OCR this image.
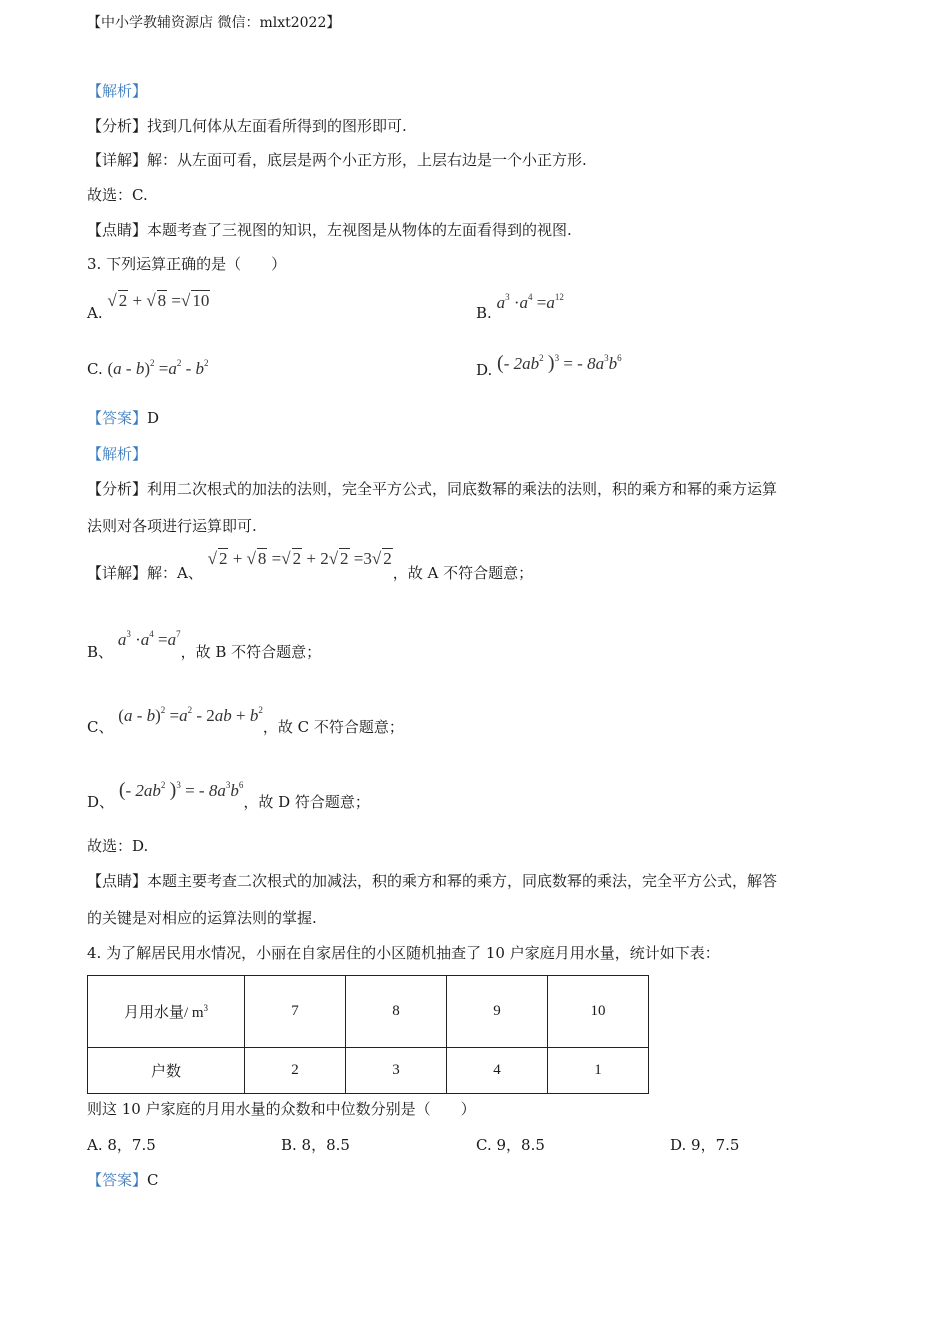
【中小学教辅资源店 微信：mlxt2022】
【解析】
【分析】找到几何体从左面看所得到的图形即可.
【详解】解：从左面可看，底层是两个小正方形，上层右边是一个小正方形.
故选：C.
【点睛】本题考查了三视图的知识，左视图是从物体的左面看得到的视图.
3. 下列运算正确的是（　　）
A. √ 2 + √ 8 =√ 10
B. $a^3 \cdot a^4 =a^{12}$
C. $(a - b)^2 =a^2 - b^2$	D. (- $2ab^2$ )$^3$ = - $8a^3b^6$
【答案】D
【解析】
【分析】利用二次根式的加法的法则，完全平方公式，同底数幂的乘法的法则，积的乘方和幂的乘方运算
法则对各项进行运算即可.
【详解】解：A、 √ 2 + √ 8 =√ 2 + 2√ 2 =3√ 2，故 A 不符合题意；
B、 $a^3 \cdot a^4 =a^7$，故 B 不符合题意；
C、 $(a - b)^2 =a^2 - 2ab + b^2$，故 C 不符合题意；
D、 (- $2ab^2$ )$^3$ = - $8a^3b^6$，故 D 符合题意；
故选：D.
【点睛】本题主要考查二次根式的加减法，积的乘方和幂的乘方，同底数幂的乘法，完全平方公式，解答
的关键是对相应的运算法则的掌握.
4. 为了解居民用水情况，小丽在自家居住的小区随机抽查了 10 户家庭月用水量，统计如下表：
月用水量/ $m^3$	7	8	9	10
户数	2	3	4	1
则这 10 户家庭的月用水量的众数和中位数分别是（　　）
A. 8，7.5	B. 8，8.5	C. 9，8.5	D. 9，7.5
【答案】C
